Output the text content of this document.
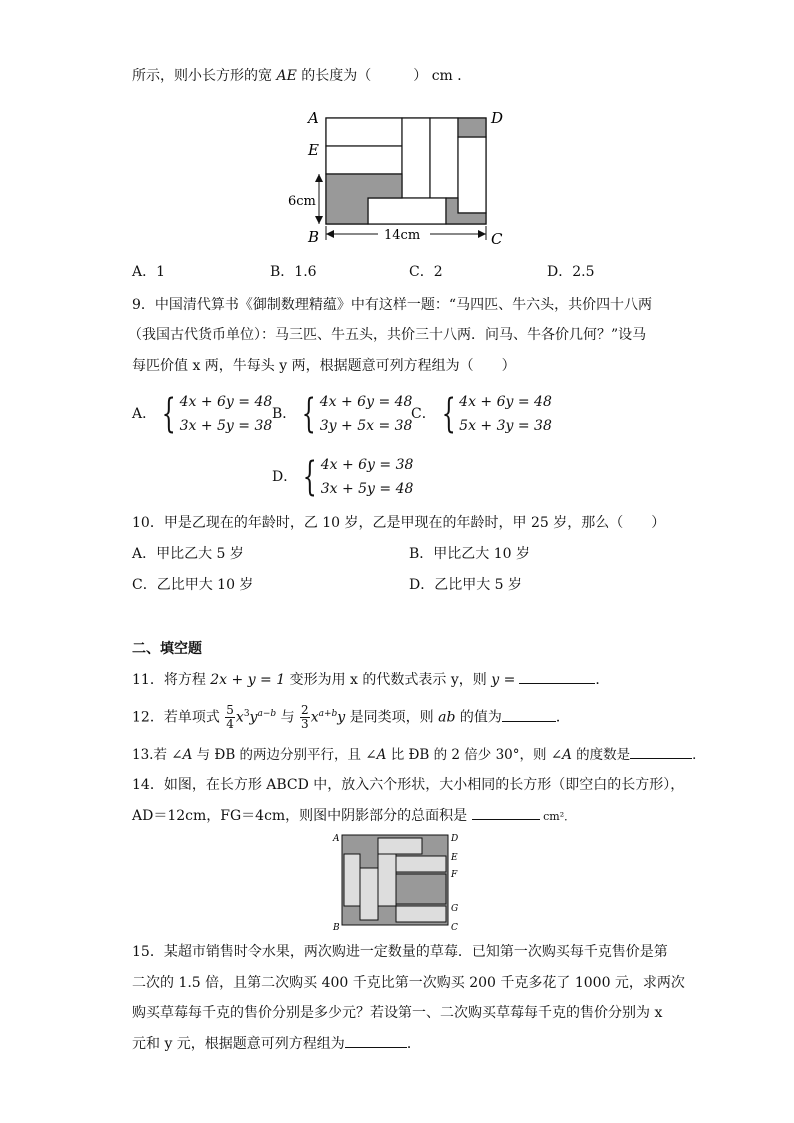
所示，则小长方形的宽 AE 的长度为（　　　） cm ．
A	D
E
B	C
6cm
14cm
A．1	B．1.6	C．2	D．2.5
9．中国清代算书《御制数理精蕴》中有这样一题：“马四匹、牛六头，共价四十八两
（我国古代货币单位）：马三匹、牛五头，共价三十八两．问马、牛各价几何？”设马
每匹价值 x 两，牛每头 y 两，根据题意可列方程组为（　　）
A． { 4x + 6y = 48
3x + 5y = 38
B． { 4x + 6y = 48
3y + 5x = 38
C． { 4x + 6y = 48
5x + 3y = 38
D． { 4x + 6y = 38
3x + 5y = 48
10．甲是乙现在的年龄时，乙 10 岁，乙是甲现在的年龄时，甲 25 岁，那么（　　）
A．甲比乙大 5 岁	B．甲比乙大 10 岁
C．乙比甲大 10 岁	D．乙比甲大 5 岁
二、填空题
11．将方程 2x + y = 1 变形为用 x 的代数式表示 y，则 y =	．
12．若单项式 $\frac{5}{4} x^3y^{a-b}$ 与 $\frac{2}{3} x^{a+b}y$ 是同类项，则 ab 的值为	．
13.若 ∠A 与 ÐB 的两边分别平行，且 ∠A 比 ÐB 的 2 倍少 30°，则 ∠A 的度数是	．
14．如图，在长方形 ABCD 中，放入六个形状，大小相同的长方形（即空白的长方形），
AD＝12cm，FG＝4cm，则图中阴影部分的总面积是	cm²．
A	D
E
F
G
B	C
15．某超市销售时令水果，两次购进一定数量的草莓．已知第一次购买每千克售价是第
二次的 1.5 倍，且第二次购买 400 千克比第一次购买 200 千克多花了 1000 元，求两次
购买草莓每千克的售价分别是多少元？若设第一、二次购买草莓每千克的售价分别为 x
元和 y 元，根据题意可列方程组为	．
